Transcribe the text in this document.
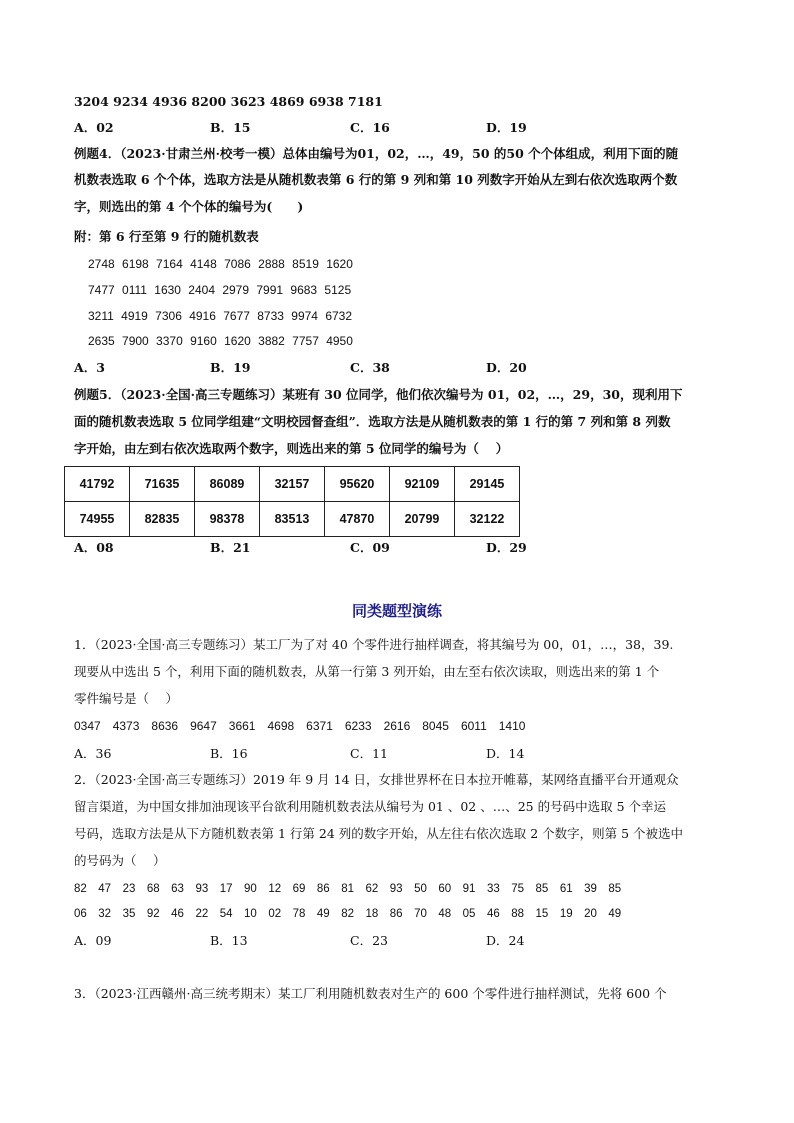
3204 9234 4936 8200 3623 4869 6938 7181
A．02	B．15	C．16	D．19
例题4．（2023·甘肃兰州·校考一模）总体由编号为01，02，…，49，50 的50 个个体组成，利用下面的随
机数表选取 6 个个体，选取方法是从随机数表第 6 行的第 9 列和第 10 列数字开始从左到右依次选取两个数
字，则选出的第 4 个个体的编号为(　　)
附：第 6 行至第 9 行的随机数表
2748 6198 7164 4148 7086 2888 8519 1620
7477 0111 1630 2404 2979 7991 9683 5125
3211 4919 7306 4916 7677 8733 9974 6732
2635 7900 3370 9160 1620 3882 7757 4950
A．3	B．19	C．38	D．20
例题5．（2023·全国·高三专题练习）某班有 30 位同学，他们依次编号为 01，02，…，29，30，现利用下
面的随机数表选取 5 位同学组建“文明校园督查组”．选取方法是从随机数表的第 1 行的第 7 列和第 8 列数
字开始，由左到右依次选取两个数字，则选出来的第 5 位同学的编号为（　 ）
41792	71635	86089	32157	95620	92109	29145
74955	82835	98378	83513	47870	20799	32122
A．08	B．21	C．09	D．29
同类题型演练
1．（2023·全国·高三专题练习）某工厂为了对 40 个零件进行抽样调查，将其编号为 00，01，…，38，39.
现要从中选出 5 个，利用下面的随机数表，从第一行第 3 列开始，由左至右依次读取，则选出来的第 1 个
零件编号是（　 ）
0347　4373　8636　9647　3661　4698　6371　6233　2616　8045　6011　1410
A．36	B．16	C．11	D．14
2．（2023·全国·高三专题练习）2019 年 9 月 14 日，女排世界杯在日本拉开帷幕，某网络直播平台开通观众
留言渠道，为中国女排加油现该平台欲利用随机数表法从编号为 01 、02 、…、25 的号码中选取 5 个幸运
号码，选取方法是从下方随机数表第 1 行第 24 列的数字开始，从左往右依次选取 2 个数字，则第 5 个被选中
的号码为（　 ）
82　47　23　68　63　93　17　90　12　69　86　81　62　93　50　60　91　33　75　85　61　39　85
06　32　35　92　46　22　54　10　02　78　49　82　18　86　70　48　05　46　88　15　19　20　49
A．09	B．13	C．23	D．24
3．（2023·江西赣州·高三统考期末）某工厂利用随机数表对生产的 600 个零件进行抽样测试，先将 600 个
